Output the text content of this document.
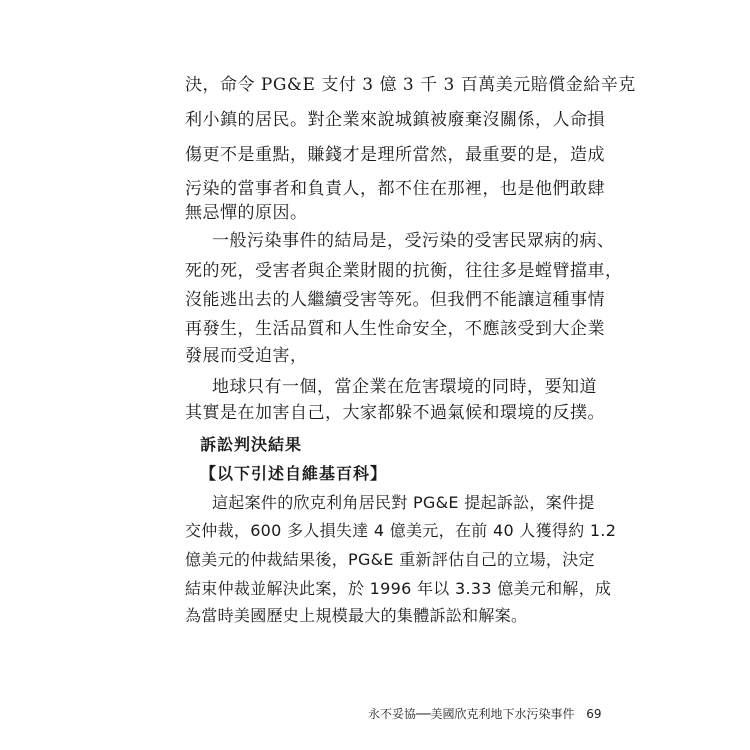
決，命令 PG&E 支付 3 億 3 千 3 百萬美元賠償金給辛克
利小鎮的居民。對企業來說城鎮被廢棄沒關係，人命損
傷更不是重點，賺錢才是理所當然，最重要的是，造成
污染的當事者和負責人，都不住在那裡，也是他們敢肆
無忌憚的原因。
一般污染事件的結局是，受污染的受害民眾病的病、
死的死，受害者與企業財閥的抗衡，往往多是螳臂擋車，
沒能逃出去的人繼續受害等死。但我們不能讓這種事情
再發生，生活品質和人生性命安全，不應該受到大企業
發展而受迫害，
地球只有一個，當企業在危害環境的同時，要知道
其實是在加害自己，大家都躲不過氣候和環境的反撲。
訴訟判決結果
【以下引述自維基百科】
這起案件的欣克利角居民對 PG&E 提起訴訟，案件提
交仲裁，600 多人損失達 4 億美元，在前 40 人獲得約 1.2
億美元的仲裁結果後，PG&E 重新評估自己的立場，決定
結束仲裁並解決此案，於 1996 年以 3.33 億美元和解，成
為當時美國歷史上規模最大的集體訴訟和解案。
永不妥協──美國欣克利地下水污染事件 69
